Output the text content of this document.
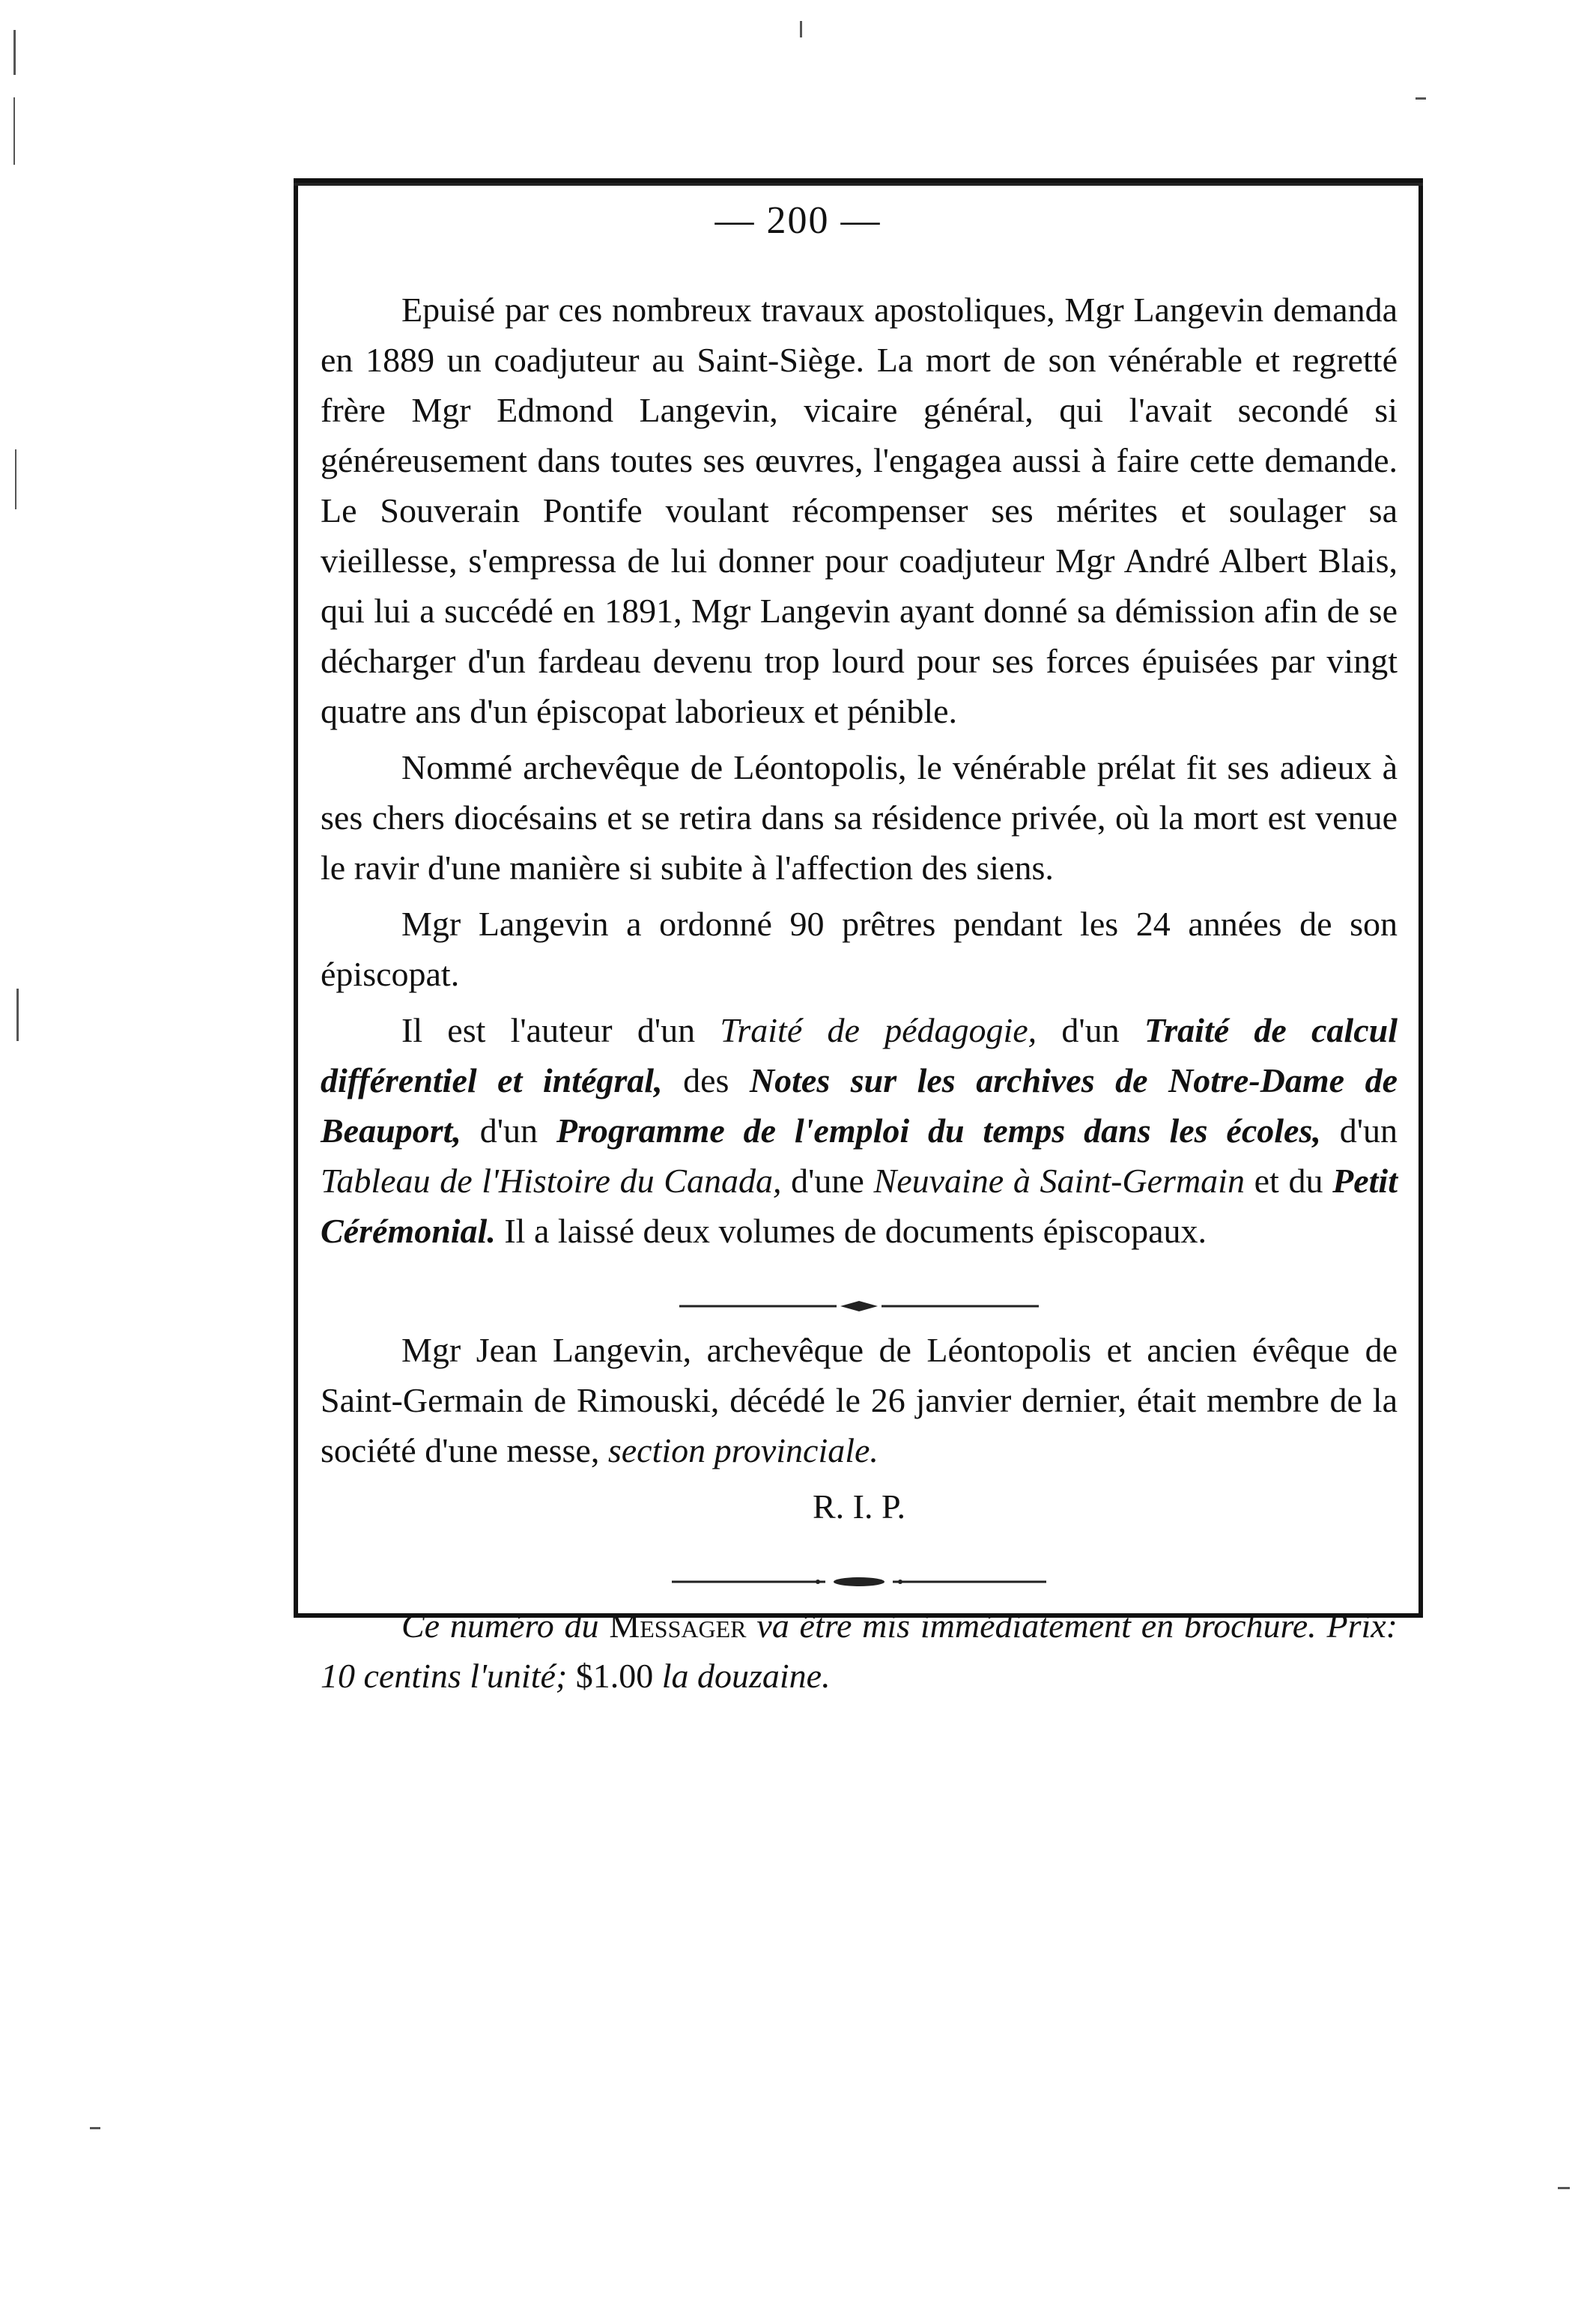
— 200 —

Epuisé par ces nombreux travaux apostoliques, Mgr Langevin demanda en 1889 un coadjuteur au Saint-Siège. La mort de son vénérable et regretté frère Mgr Edmond Langevin, vicaire général, qui l'avait secondé si généreusement dans toutes ses œuvres, l'engagea aussi à faire cette demande. Le Souverain Pontife voulant récompenser ses mérites et soulager sa vieillesse, s'empressa de lui donner pour coadjuteur Mgr André Albert Blais, qui lui a succédé en 1891, Mgr Langevin ayant donné sa démission afin de se décharger d'un fardeau devenu trop lourd pour ses forces épuisées par vingt quatre ans d'un épiscopat laborieux et pénible.

Nommé archevêque de Léontopolis, le vénérable prélat fit ses adieux à ses chers diocésains et se retira dans sa résidence privée, où la mort est venue le ravir d'une manière si subite à l'affection des siens.

Mgr Langevin a ordonné 90 prêtres pendant les 24 années de son épiscopat.

Il est l'auteur d'un Traité de pédagogie, d'un Traité de calcul différentiel et intégral, des Notes sur les archives de Notre-Dame de Beauport, d'un Programme de l'emploi du temps dans les écoles, d'un Tableau de l'Histoire du Canada, d'une Neuvaine à Saint-Germain et du Petit Cérémonial. Il a laissé deux volumes de documents épiscopaux.

Mgr Jean Langevin, archevêque de Léontopolis et ancien évêque de Saint-Germain de Rimouski, décédé le 26 janvier dernier, était membre de la société d'une messe, section provinciale.

R. I. P.

Ce numéro du Messager va être mis immédiatement en brochure. Prix: 10 centins l'unité; $1.00 la douzaine.
